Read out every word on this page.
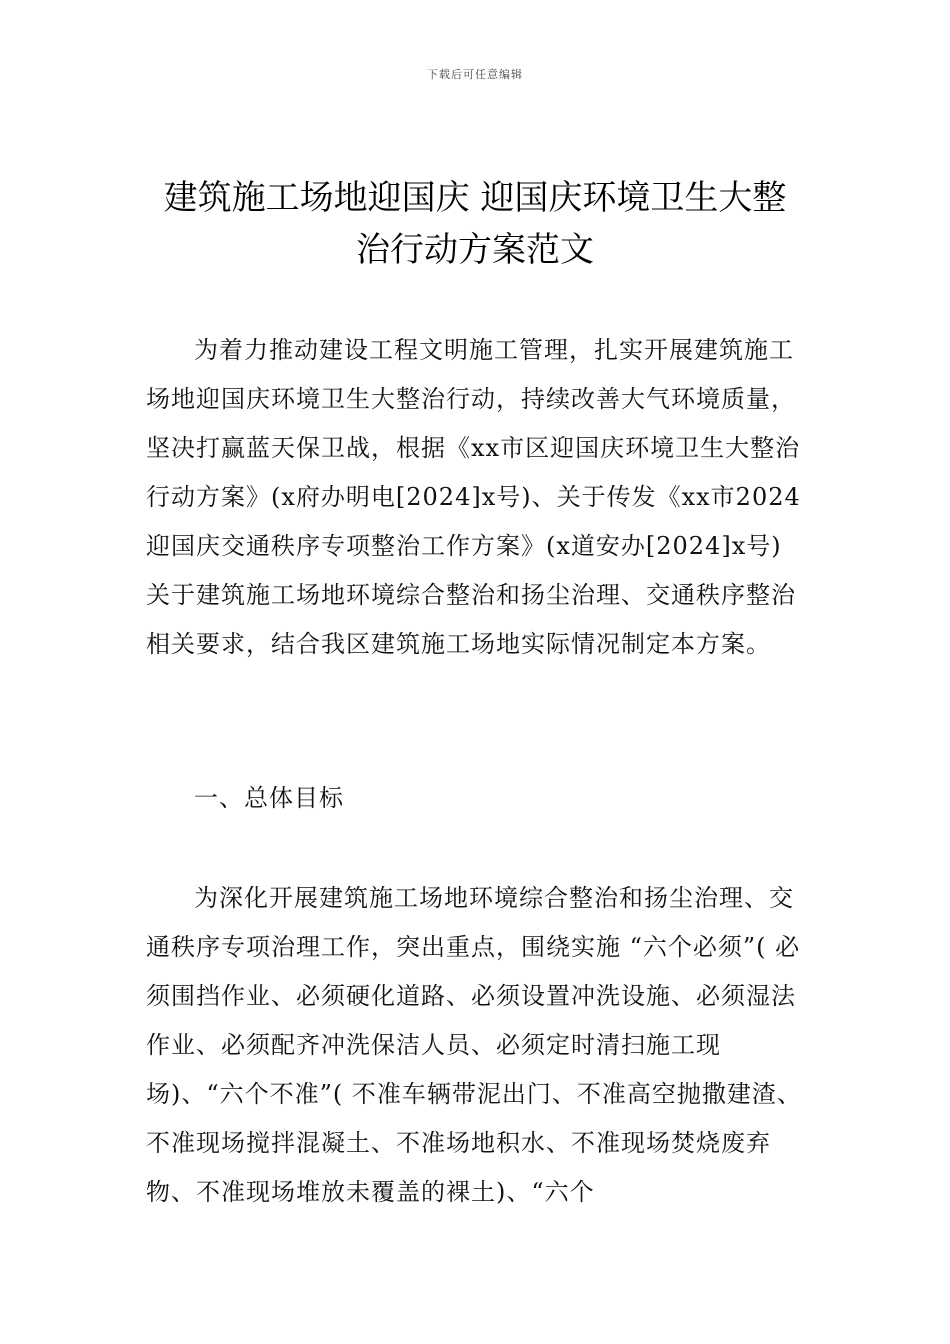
下载后可任意编辑
建筑施工场地迎国庆 迎国庆环境卫生大整
治行动方案范文

为着力推动建设工程文明施工管理，扎实开展建筑施工场地迎国庆环境卫生大整治行动，持续改善大气环境质量，坚决打赢蓝天保卫战，根据《xx市区迎国庆环境卫生大整治行动方案》(x府办明电[2024]x号)、关于传发《xx市2024迎国庆交通秩序专项整治工作方案》(x道安办[2024]x号)关于建筑施工场地环境综合整治和扬尘治理、交通秩序整治相关要求，结合我区建筑施工场地实际情况制定本方案。

一、总体目标

为深化开展建筑施工场地环境综合整治和扬尘治理、交通秩序专项治理工作，突出重点，围绕实施 “六个必须”( 必须围挡作业、必须硬化道路、必须设置冲洗设施、必须湿法作业、必须配齐冲洗保洁人员、必须定时清扫施工现场)、“六个不准”( 不准车辆带泥出门、不准高空抛撒建渣、不准现场搅拌混凝土、不准场地积水、不准现场焚烧废弃物、不准现场堆放未覆盖的裸土)、“六个
